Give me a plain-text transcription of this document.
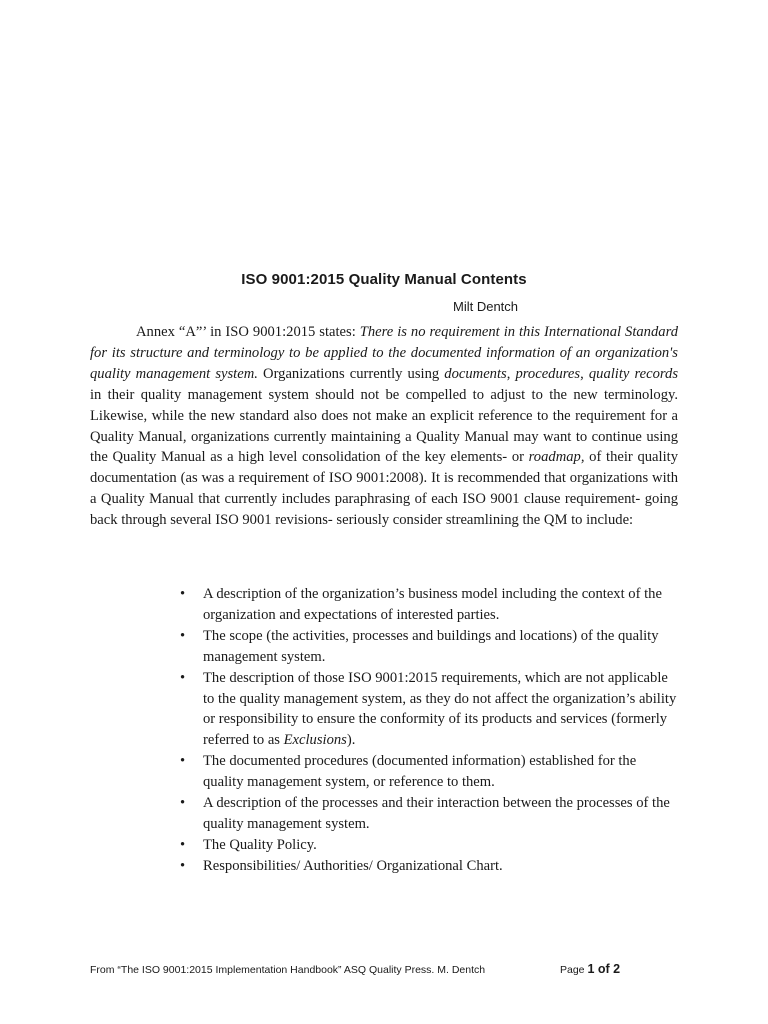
ISO 9001:2015 Quality Manual Contents
Milt Dentch

Annex “A”’ in ISO 9001:2015 states: There is no requirement in this International Standard for its structure and terminology to be applied to the documented information of an organization's quality management system. Organizations currently using documents, procedures, quality records in their quality management system should not be compelled to adjust to the new terminology. Likewise, while the new standard also does not make an explicit reference to the requirement for a Quality Manual, organizations currently maintaining a Quality Manual may want to continue using the Quality Manual as a high level consolidation of the key elements- or roadmap, of their quality documentation (as was a requirement of ISO 9001:2008). It is recommended that organizations with a Quality Manual that currently includes paraphrasing of each ISO 9001 clause requirement- going back through several ISO 9001 revisions- seriously consider streamlining the QM to include:

• A description of the organization’s business model including the context of the organization and expectations of interested parties.
• The scope (the activities, processes and buildings and locations) of the quality management system.
• The description of those ISO 9001:2015 requirements, which are not applicable to the quality management system, as they do not affect the organization’s ability or responsibility to ensure the conformity of its products and services (formerly referred to as Exclusions).
• The documented procedures (documented information) established for the quality management system, or reference to them.
• A description of the processes and their interaction between the processes of the quality management system.
• The Quality Policy.
• Responsibilities/ Authorities/ Organizational Chart.
From “The ISO 9001:2015 Implementation Handbook” ASQ Quality Press. M. Dentch	Page 1 of 2
